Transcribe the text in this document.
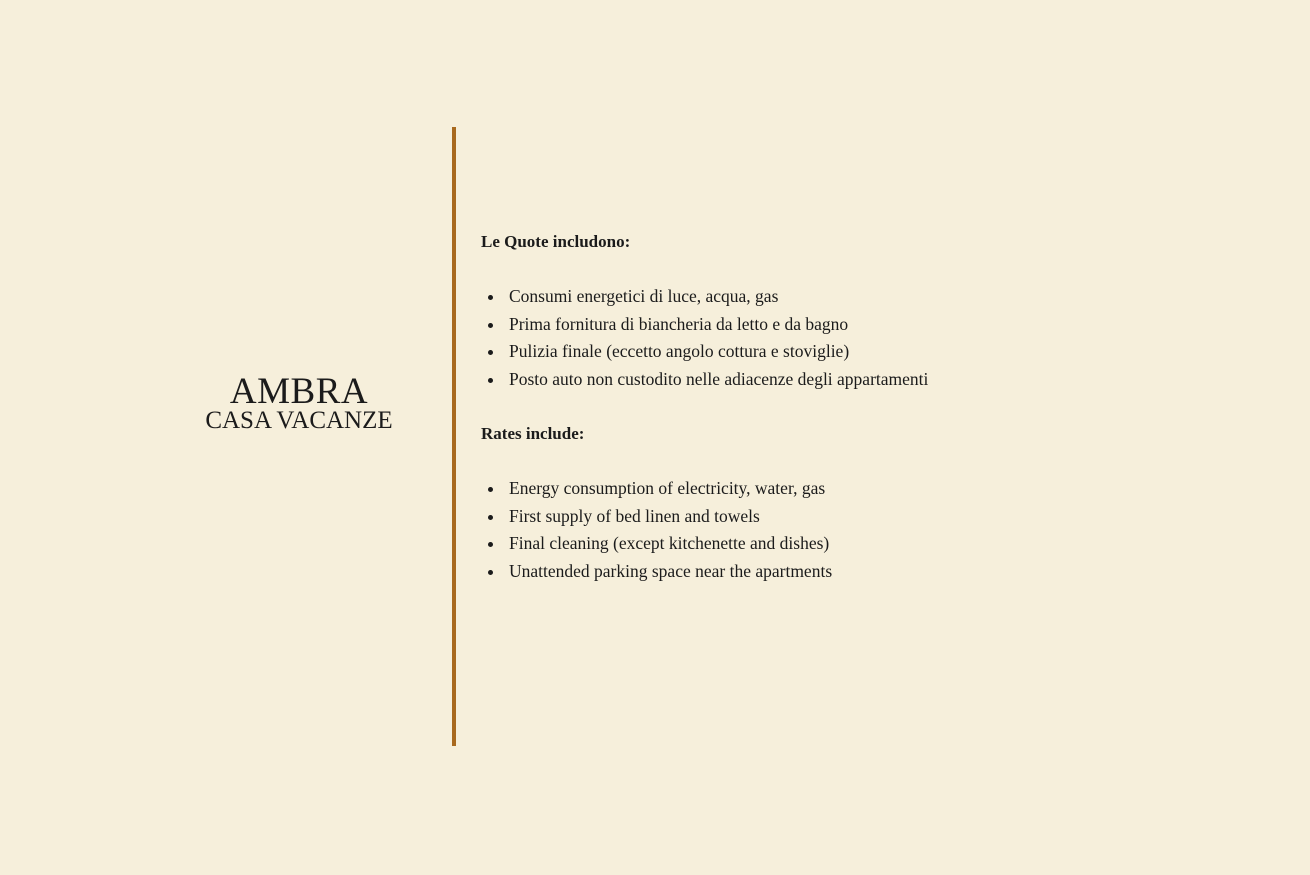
AMBRA
CASA VACANZE
Le Quote includono:
Consumi energetici di luce, acqua, gas
Prima fornitura di biancheria da letto e da bagno
Pulizia finale (eccetto angolo cottura e stoviglie)
Posto auto non custodito nelle adiacenze degli appartamenti
Rates include:
Energy consumption of electricity, water, gas
First supply of bed linen and towels
Final cleaning (except kitchenette and dishes)
Unattended parking space near the apartments
